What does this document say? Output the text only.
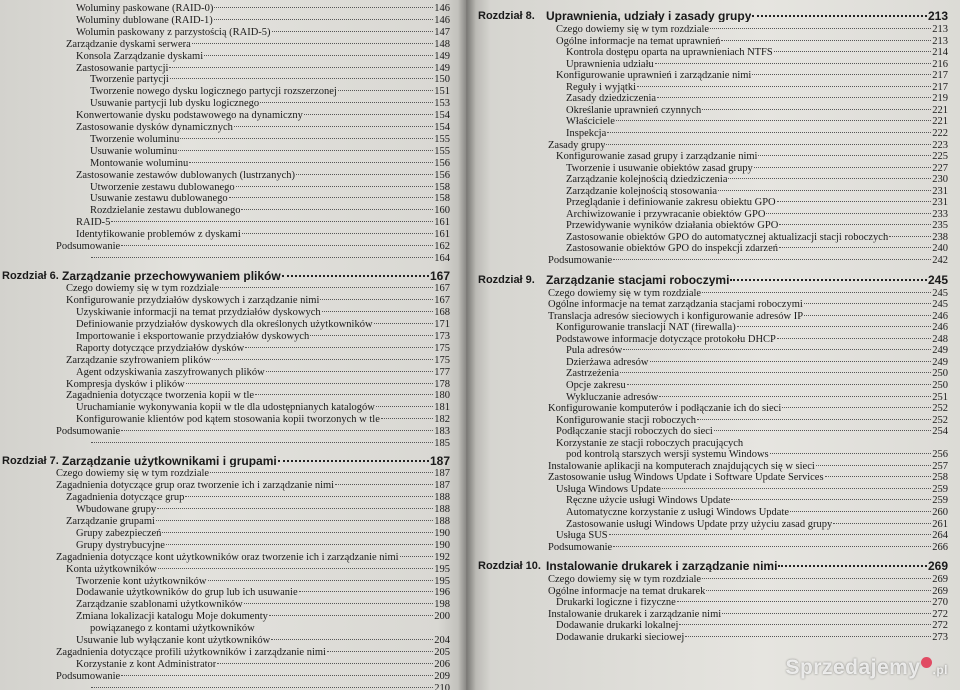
Woluminy paskowane (RAID-0)	146
Woluminy dublowane (RAID-1)	146
Wolumin paskowany z parzystością (RAID-5)	147
Zarządzanie dyskami serwera	148
Konsola Zarządzanie dyskami	149
Zastosowanie partycji	149
Tworzenie partycji	150
Tworzenie nowego dysku logicznego partycji rozszerzonej	151
Usuwanie partycji lub dysku logicznego	153
Konwertowanie dysku podstawowego na dynamiczny	154
Zastosowanie dysków dynamicznych	154
Tworzenie woluminu	155
Usuwanie woluminu	155
Montowanie woluminu	156
Zastosowanie zestawów dublowanych (lustrzanych)	156
Utworzenie zestawu dublowanego	158
Usuwanie zestawu dublowanego	158
Rozdzielanie zestawu dublowanego	160
RAID-5	161
Identyfikowanie problemów z dyskami	161
Podsumowanie	162
164
Rozdział 6. Zarządzanie przechowywaniem plików	167
Czego dowiemy się w tym rozdziale	167
Konfigurowanie przydziałów dyskowych i zarządzanie nimi	167
Uzyskiwanie informacji na temat przydziałów dyskowych	168
Definiowanie przydziałów dyskowych dla określonych użytkowników	171
Importowanie i eksportowanie przydziałów dyskowych	173
Raporty dotyczące przydziałów dysków	175
Zarządzanie szyfrowaniem plików	175
Agent odzyskiwania zaszyfrowanych plików	177
Kompresja dysków i plików	178
Zagadnienia dotyczące tworzenia kopii w tle	180
Uruchamianie wykonywania kopii w tle dla udostępnianych katalogów	181
Konfigurowanie klientów pod kątem stosowania kopii tworzonych w tle	182
Podsumowanie	183
185
Rozdział 7. Zarządzanie użytkownikami i grupami	187
Czego dowiemy się w tym rozdziale	187
Zagadnienia dotyczące grup oraz tworzenie ich i zarządzanie nimi	187
Zagadnienia dotyczące grup	188
Wbudowane grupy	188
Zarządzanie grupami	188
Grupy zabezpieczeń	190
Grupy dystrybucyjne	190
Zagadnienia dotyczące kont użytkowników oraz tworzenie ich i zarządzanie nimi	192
Konta użytkowników	195
Tworzenie kont użytkowników	195
Dodawanie użytkowników do grup lub ich usuwanie	196
Zarządzanie szablonami użytkowników	198
Zmiana lokalizacji katalogu Moje dokumenty	200
powiązanego z kontami użytkowników
Usuwanie lub wyłączanie kont użytkowników	204
Zagadnienia dotyczące profili użytkowników i zarządzanie nimi	205
Korzystanie z kont Administrator	206
Podsumowanie	209
210
Rozdział 8. Uprawnienia, udziały i zasady grupy	213
Czego dowiemy się w tym rozdziale	213
Ogólne informacje na temat uprawnień	213
Kontrola dostępu oparta na uprawnieniach NTFS	214
Uprawnienia udziału	216
Konfigurowanie uprawnień i zarządzanie nimi	217
Reguły i wyjątki	217
Zasady dziedziczenia	219
Określanie uprawnień czynnych	221
Właściciele	221
Inspekcja	222
Zasady grupy	223
Konfigurowanie zasad grupy i zarządzanie nimi	225
Tworzenie i usuwanie obiektów zasad grupy	227
Zarządzanie kolejnością dziedziczenia	230
Zarządzanie kolejnością stosowania	231
Przeglądanie i definiowanie zakresu obiektu GPO	231
Archiwizowanie i przywracanie obiektów GPO	233
Przewidywanie wyników działania obiektów GPO	235
Zastosowanie obiektów GPO do automatycznej aktualizacji stacji roboczych	238
Zastosowanie obiektów GPO do inspekcji zdarzeń	240
Podsumowanie	242
Rozdział 9. Zarządzanie stacjami roboczymi	245
Czego dowiemy się w tym rozdziale	245
Ogólne informacje na temat zarządzania stacjami roboczymi	245
Translacja adresów sieciowych i konfigurowanie adresów IP	246
Konfigurowanie translacji NAT (firewalla)	246
Podstawowe informacje dotyczące protokołu DHCP	248
Pula adresów	249
Dzierżawa adresów	249
Zastrzeżenia	250
Opcje zakresu	250
Wykluczanie adresów	251
Konfigurowanie komputerów i podłączanie ich do sieci	252
Konfigurowanie stacji roboczych	252
Podłączanie stacji roboczych do sieci	254
Korzystanie ze stacji roboczych pracujących
pod kontrolą starszych wersji systemu Windows	256
Instalowanie aplikacji na komputerach znajdujących się w sieci	257
Zastosowanie usług Windows Update i Software Update Services	258
Usługa Windows Update	259
Ręczne użycie usługi Windows Update	259
Automatyczne korzystanie z usługi Windows Update	260
Zastosowanie usługi Windows Update przy użyciu zasad grupy	261
Usługa SUS	264
Podsumowanie	266
Rozdział 10. Instalowanie drukarek i zarządzanie nimi	269
Czego dowiemy się w tym rozdziale	269
Ogólne informacje na temat drukarek	269
Drukarki logiczne i fizyczne	270
Instalowanie drukarek i zarządzanie nimi	272
Dodawanie drukarki lokalnej	272
Dodawanie drukarki sieciowej	273
Sprzedajemy .pl
